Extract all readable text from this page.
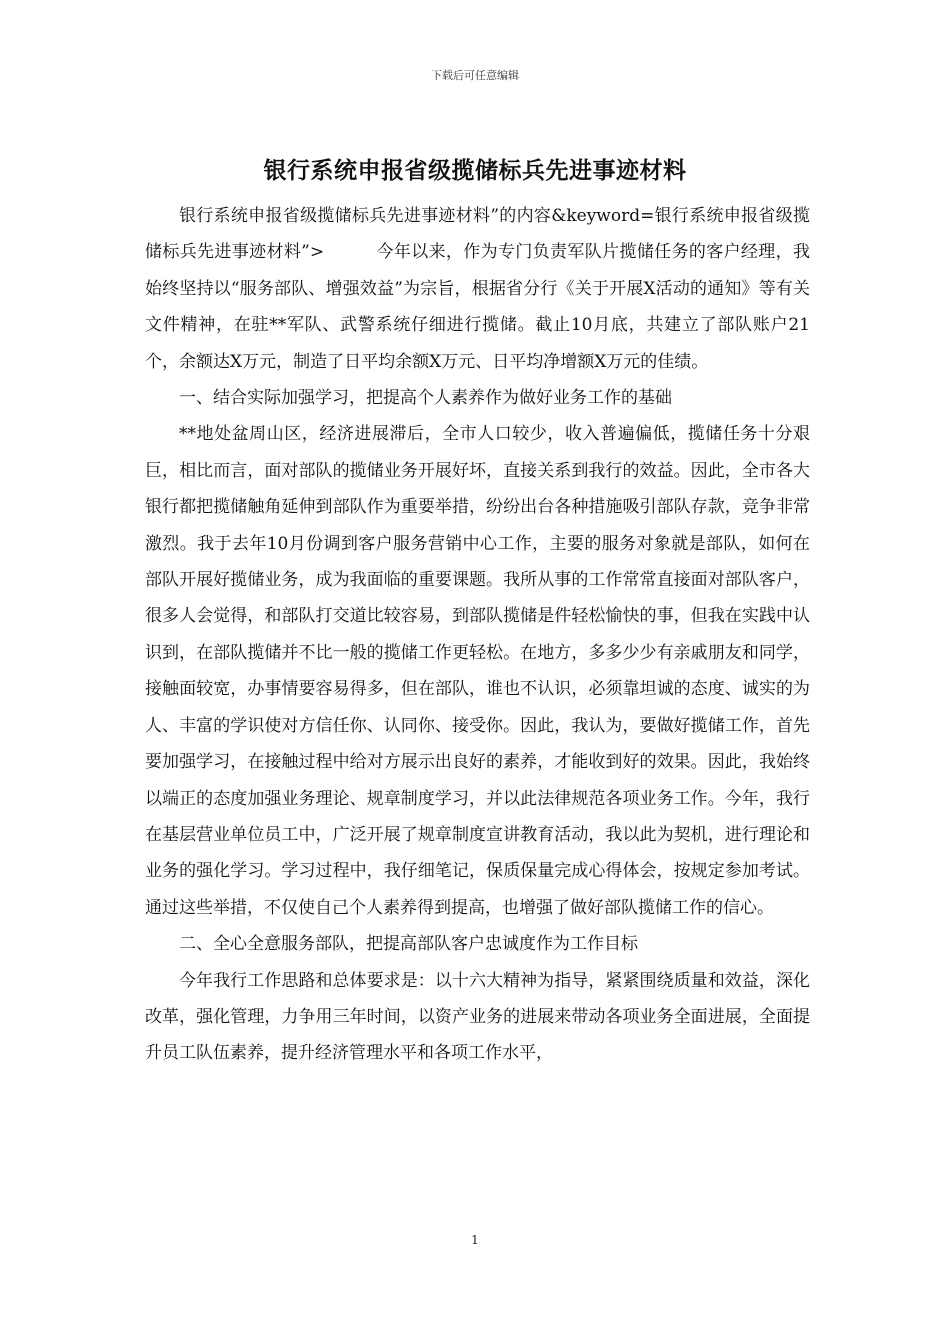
下载后可任意编辑
银行系统申报省级揽储标兵先进事迹材料

银行系统申报省级揽储标兵先进事迹材料”的内容&keyword=银行系统申报省级揽储标兵先进事迹材料”>　　　今年以来，作为专门负责军队片揽储任务的客户经理，我始终坚持以“服务部队、增强效益”为宗旨，根据省分行《关于开展X活动的通知》等有关文件精神，在驻**军队、武警系统仔细进行揽储。截止10月底，共建立了部队账户21个，余额达X万元，制造了日平均余额X万元、日平均净增额X万元的佳绩。

一、结合实际加强学习，把提高个人素养作为做好业务工作的基础

**地处盆周山区，经济进展滞后，全市人口较少，收入普遍偏低，揽储任务十分艰巨，相比而言，面对部队的揽储业务开展好坏，直接关系到我行的效益。因此，全市各大银行都把揽储触角延伸到部队作为重要举措，纷纷出台各种措施吸引部队存款，竞争非常激烈。我于去年10月份调到客户服务营销中心工作，主要的服务对象就是部队，如何在部队开展好揽储业务，成为我面临的重要课题。我所从事的工作常常直接面对部队客户，很多人会觉得，和部队打交道比较容易，到部队揽储是件轻松愉快的事，但我在实践中认识到，在部队揽储并不比一般的揽储工作更轻松。在地方，多多少少有亲戚朋友和同学，接触面较宽，办事情要容易得多，但在部队，谁也不认识，必须靠坦诚的态度、诚实的为人、丰富的学识使对方信任你、认同你、接受你。因此，我认为，要做好揽储工作，首先要加强学习，在接触过程中给对方展示出良好的素养，才能收到好的效果。因此，我始终以端正的态度加强业务理论、规章制度学习，并以此法律规范各项业务工作。今年，我行在基层营业单位员工中，广泛开展了规章制度宣讲教育活动，我以此为契机，进行理论和业务的强化学习。学习过程中，我仔细笔记，保质保量完成心得体会，按规定参加考试。通过这些举措，不仅使自己个人素养得到提高，也增强了做好部队揽储工作的信心。

二、全心全意服务部队，把提高部队客户忠诚度作为工作目标

今年我行工作思路和总体要求是：以十六大精神为指导，紧紧围绕质量和效益，深化改革，强化管理，力争用三年时间，以资产业务的进展来带动各项业务全面进展，全面提升员工队伍素养，提升经济管理水平和各项工作水平，

1
